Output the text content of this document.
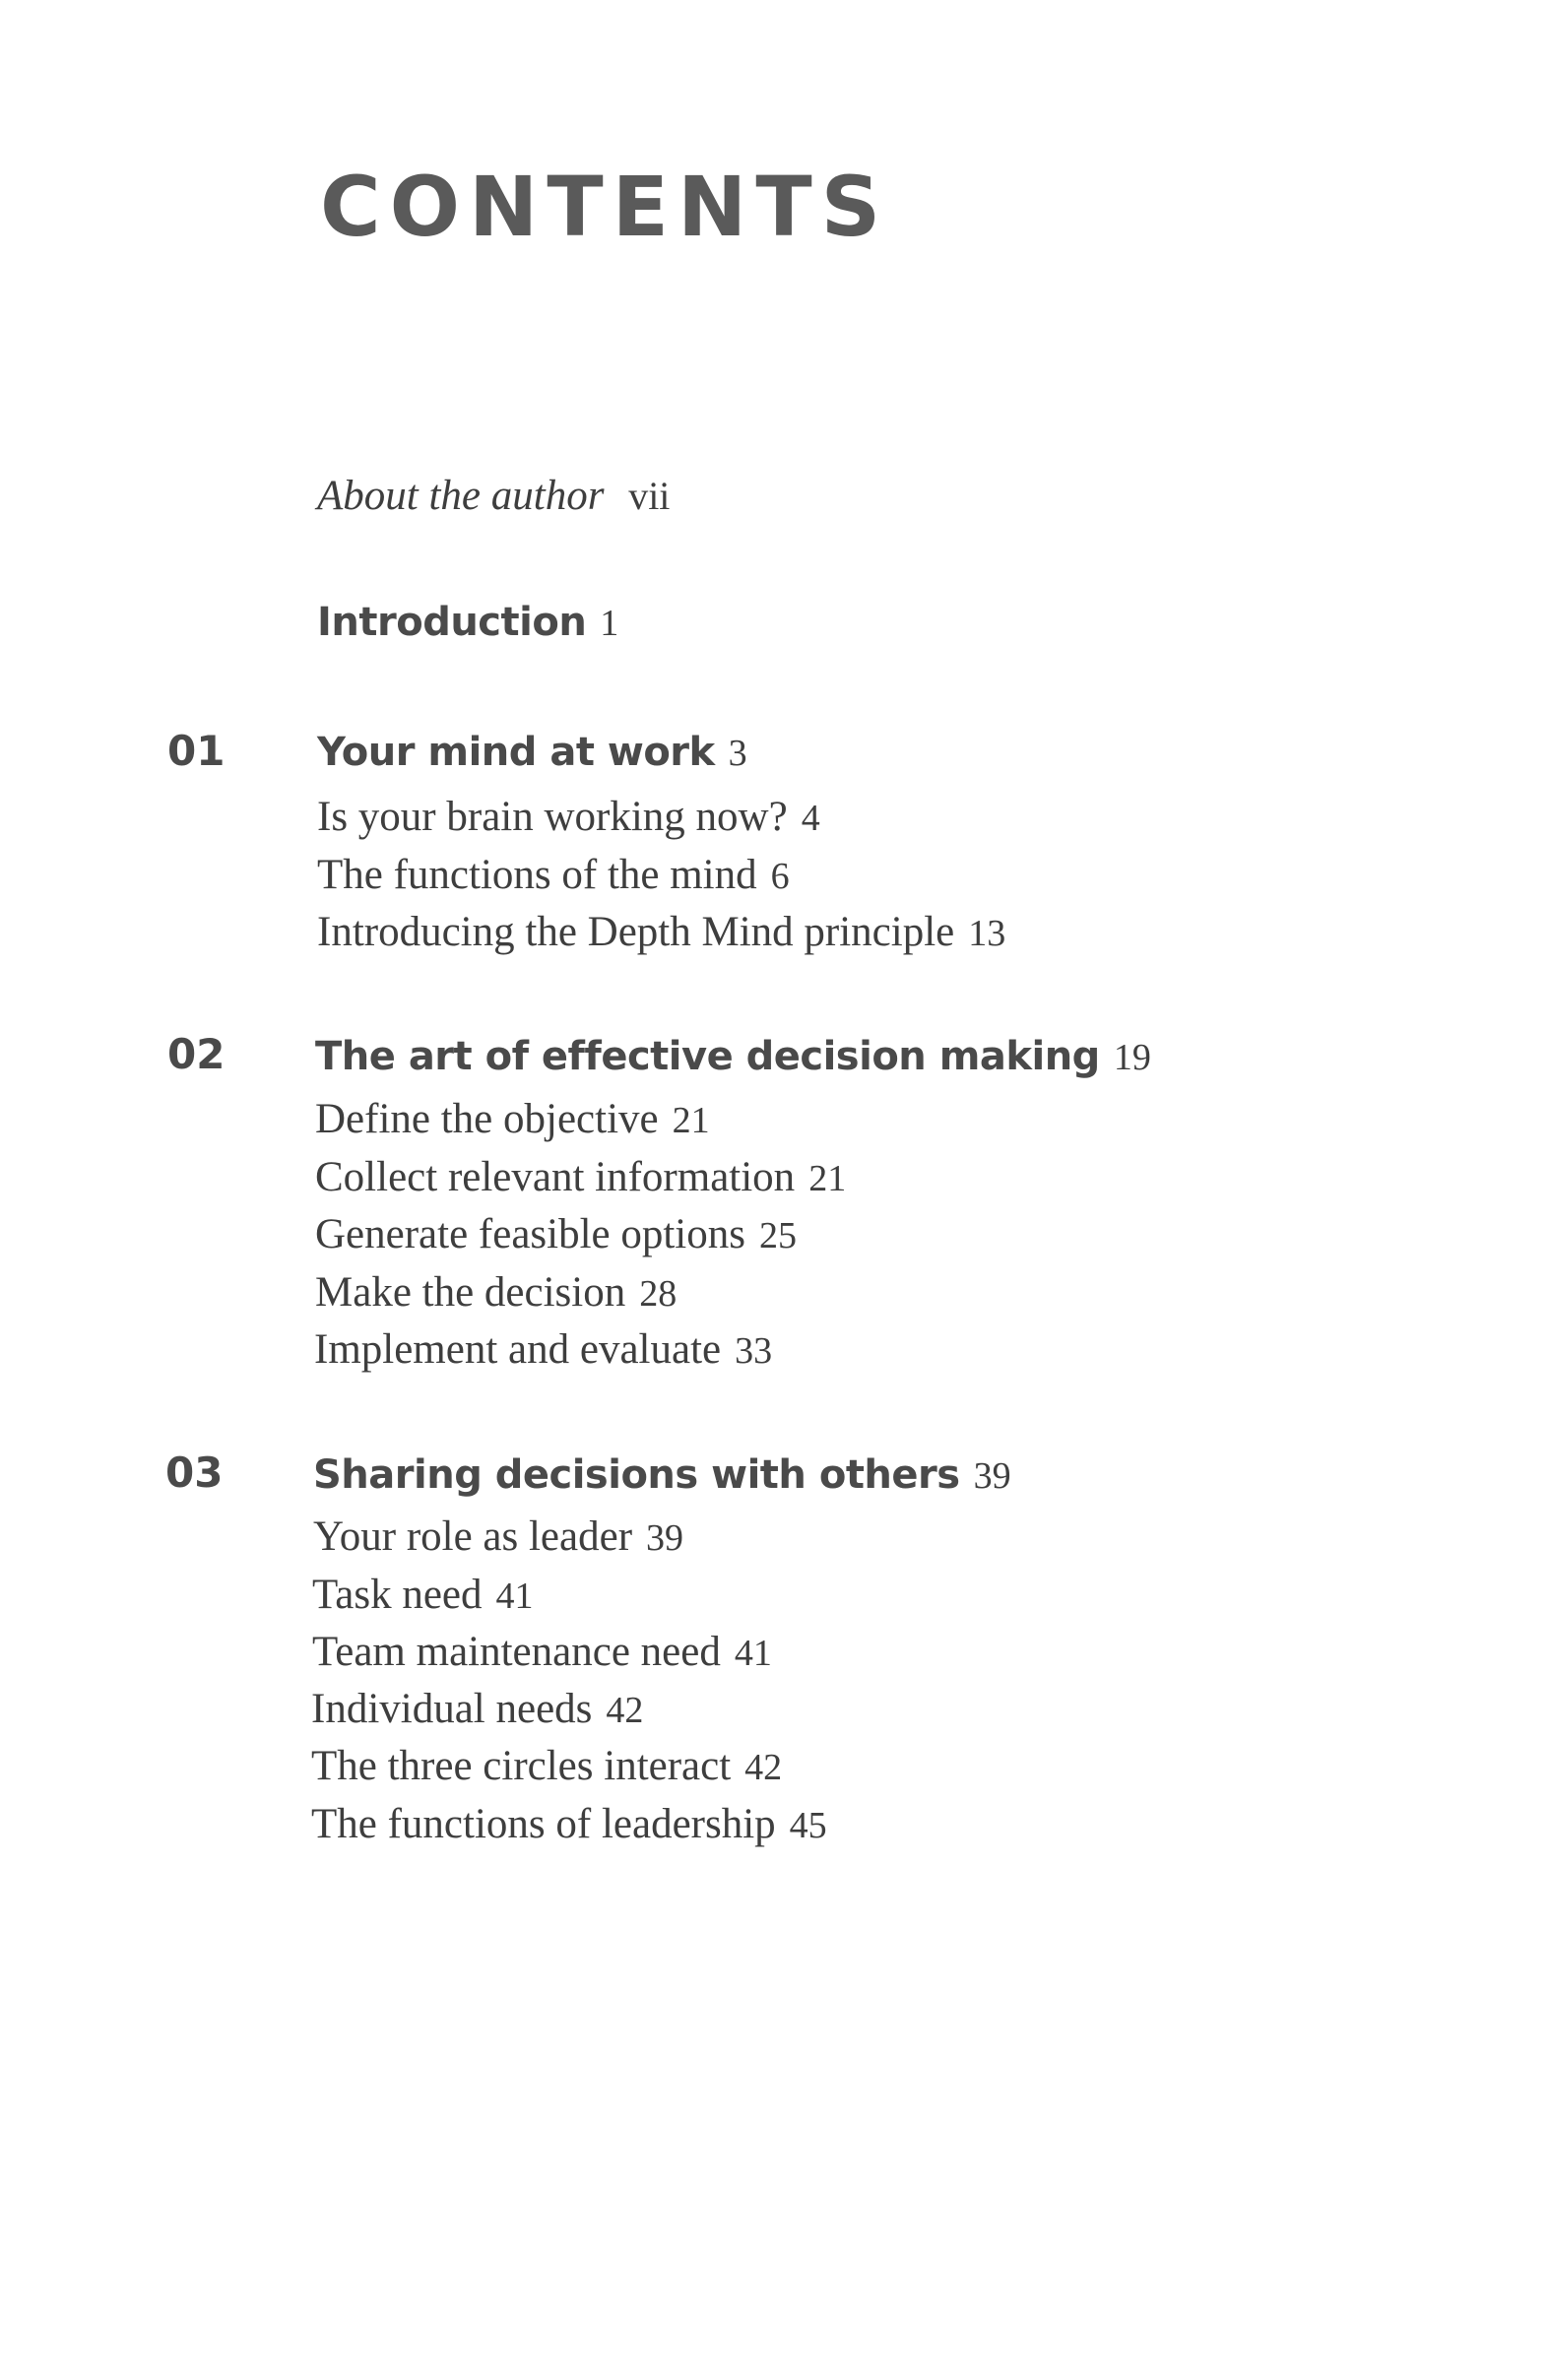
CONTENTS
About the author vii
Introduction 1
01 Your mind at work 3
Is your brain working now? 4
The functions of the mind 6
Introducing the Depth Mind principle 13
02 The art of effective decision making 19
Define the objective 21
Collect relevant information 21
Generate feasible options 25
Make the decision 28
Implement and evaluate 33
03 Sharing decisions with others 39
Your role as leader 39
Task need 41
Team maintenance need 41
Individual needs 42
The three circles interact 42
The functions of leadership 45
